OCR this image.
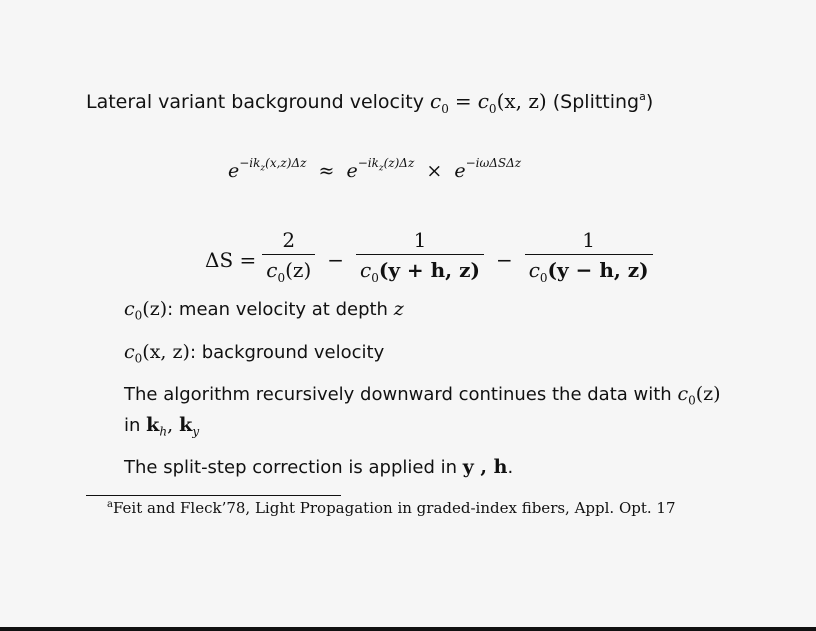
Lateral variant background velocity $c_0 = c_0(x$, z) (Splitting$^a$)
$e^{-ik_z(x,z)\Delta z} \approx e^{-ik_z(z)\Delta z} \times e^{-i\omega\Delta S\Delta z}$
$\Delta S = \frac{2}{c_0(z)} - \frac{1}{c_0(y + h, z)} - \frac{1}{c_0(y - h, z)}$
$c_0(z)$: mean velocity at depth z
$c_0(x$, z): background velocity
The algorithm recursively downward continues the data with $c_0(z)$
in $k_h$, $k_y$
The split-step correction is applied in y , h.
$^a$Feit and Fleck’78, Light Propagation in graded-index fibers, Appl. Opt. 17
